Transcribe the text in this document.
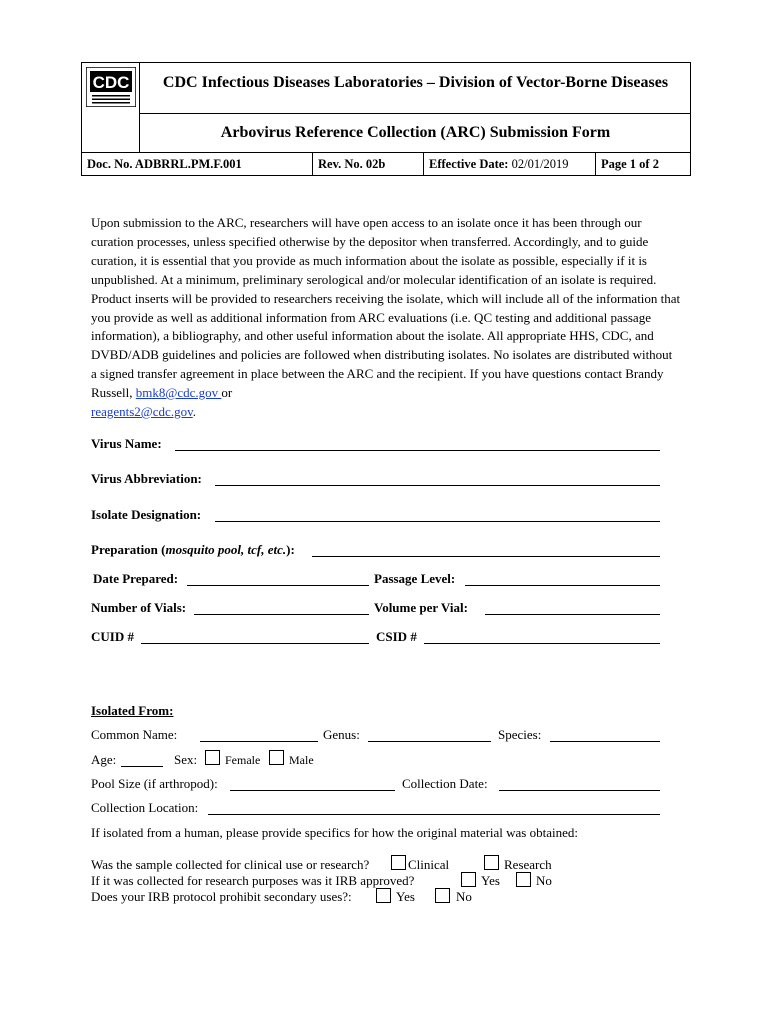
CDC	CDC Infectious Diseases Laboratories – Division of Vector-Borne Diseases
Arbovirus Reference Collection (ARC) Submission Form
Doc. No. ADBRRL.PM.F.001	Rev. No. 02b	Effective Date: 02/01/2019	Page 1 of 2
Upon submission to the ARC, researchers will have open access to an isolate once it has been through our curation processes, unless specified otherwise by the depositor when transferred. Accordingly, and to guide curation, it is essential that you provide as much information about the isolate as possible, especially if it is unpublished. At a minimum, preliminary serological and/or molecular identification of an isolate is required. Product inserts will be provided to researchers receiving the isolate, which will include all of the information that you provide as well as additional information from ARC evaluations (i.e. QC testing and additional passage information), a bibliography, and other useful information about the isolate. All appropriate HHS, CDC, and DVBD/ADB guidelines and policies are followed when distributing isolates. No isolates are distributed without a signed transfer agreement in place between the ARC and the recipient. If you have questions contact Brandy Russell, bmk8@cdc.gov or
reagents2@cdc.gov.
Virus Name:
Virus Abbreviation:
Isolate Designation:
Preparation (mosquito pool, tcf, etc.):
Date Prepared:	Passage Level:
Number of Vials:	Volume per Vial:
CUID #	CSID #
Isolated From:
Common Name:	Genus:	Species:
Age:	Sex: Female Male
Pool Size (if arthropod):	Collection Date:
Collection Location:
If isolated from a human, please provide specifics for how the original material was obtained:
Was the sample collected for clinical use or research?	Clinical	Research
If it was collected for research purposes was it IRB approved?	Yes	No
Does your IRB protocol prohibit secondary uses?:	Yes	No
